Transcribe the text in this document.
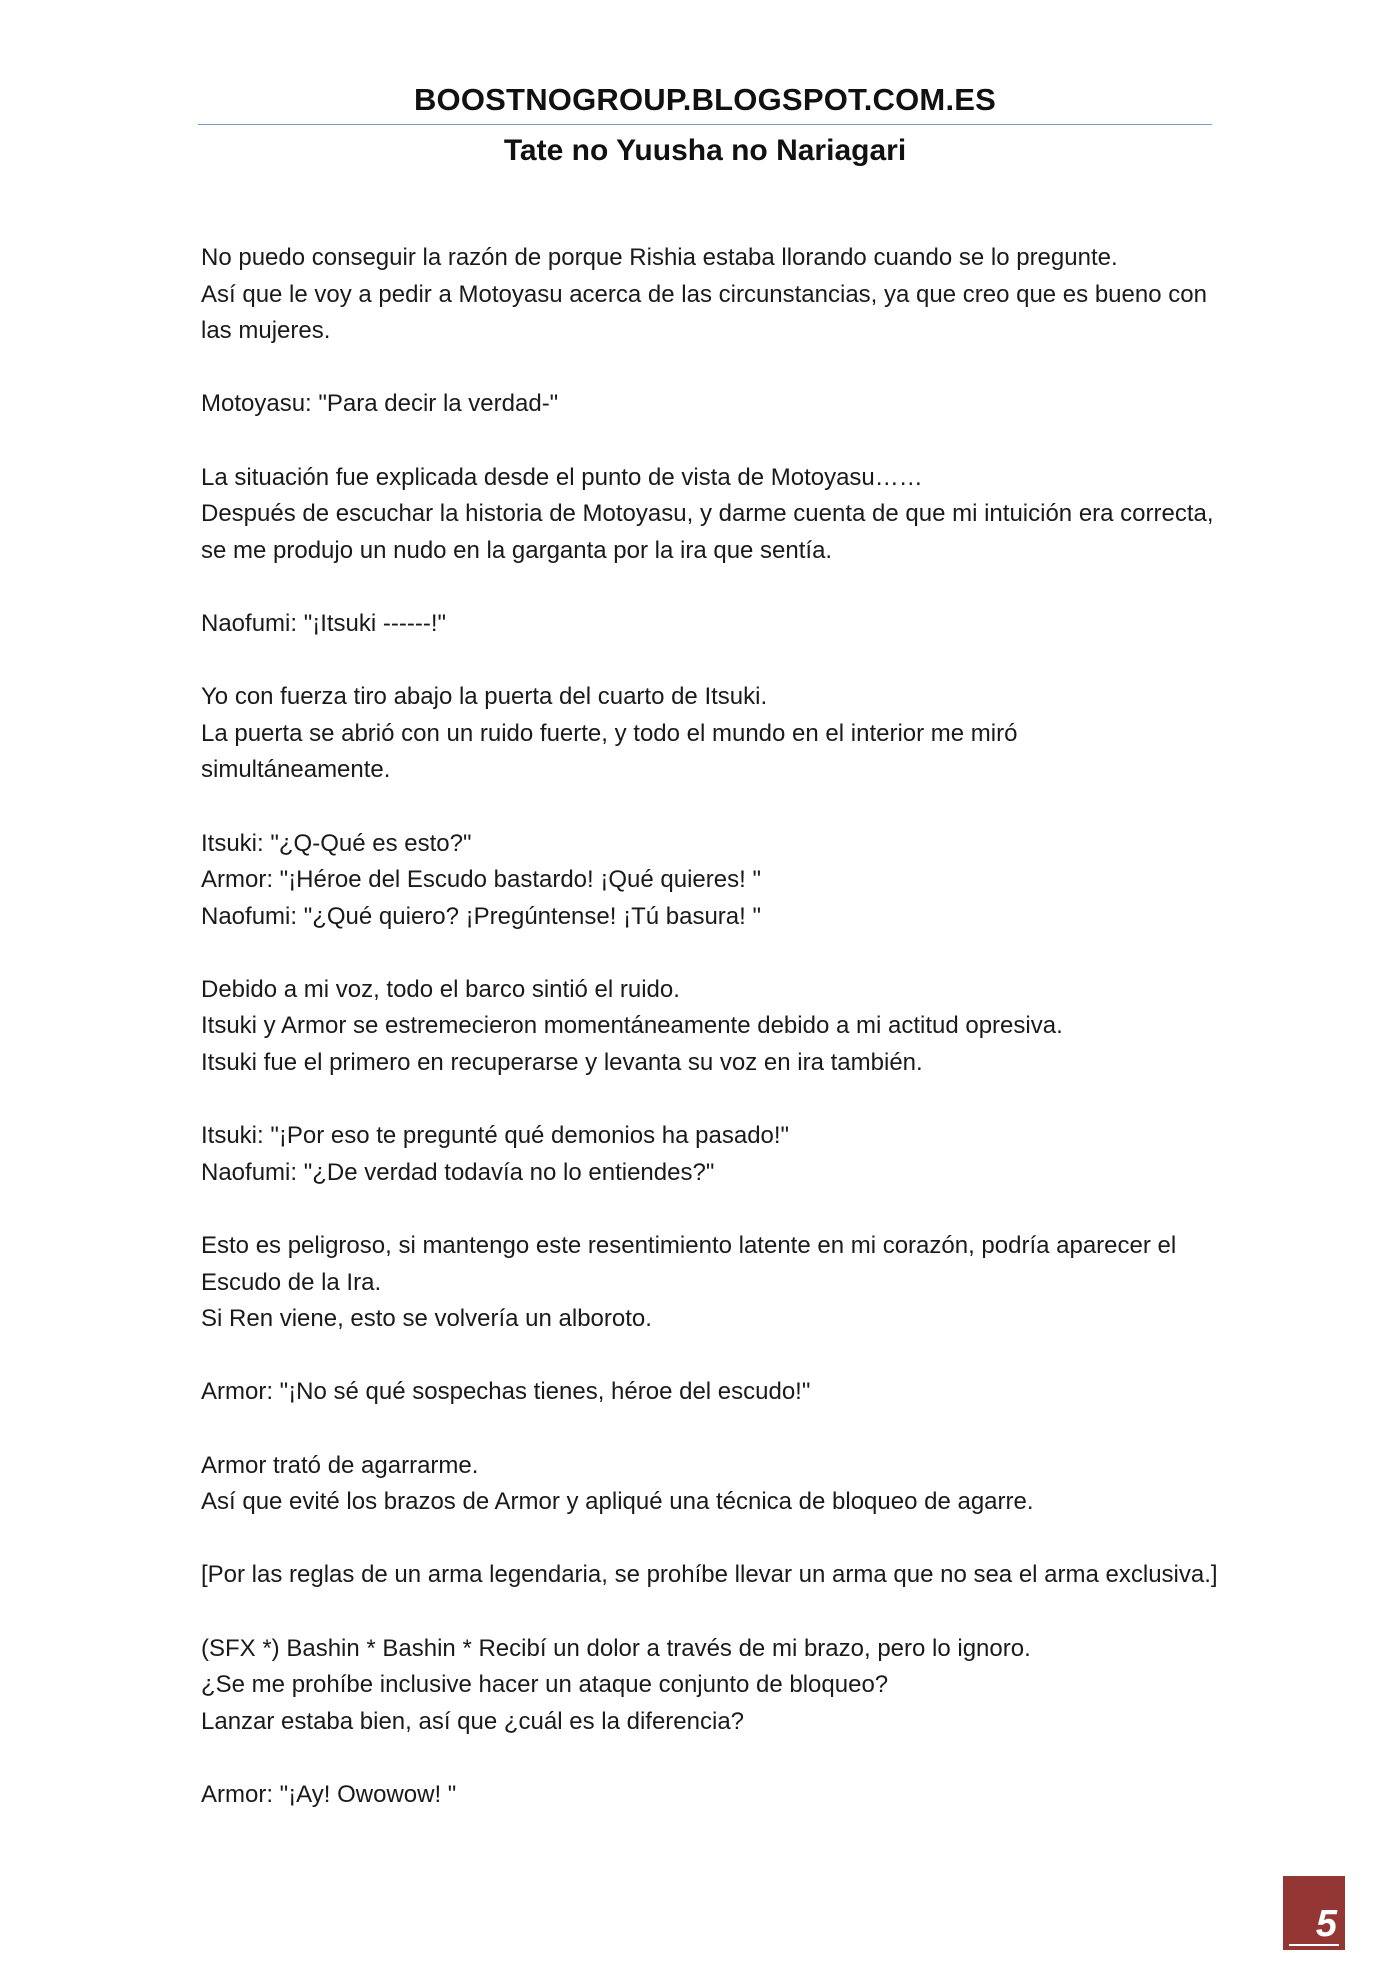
BOOSTNOGROUP.BLOGSPOT.COM.ES
Tate no Yuusha no Nariagari
No puedo conseguir la razón de porque Rishia estaba llorando cuando se lo pregunte.
Así que le voy a pedir a Motoyasu acerca de las circunstancias, ya que creo que es bueno con
las mujeres.
Motoyasu: "Para decir la verdad-"
La situación fue explicada desde el punto de vista de Motoyasu……
Después de escuchar la historia de Motoyasu, y darme cuenta de que mi intuición era correcta,
se me produjo un nudo en la garganta por la ira que sentía.
Naofumi: "¡Itsuki ------!"
Yo con fuerza tiro abajo la puerta del cuarto de Itsuki.
La puerta se abrió con un ruido fuerte, y todo el mundo en el interior me miró
simultáneamente.
Itsuki: "¿Q-Qué es esto?"
Armor: "¡Héroe del Escudo bastardo! ¡Qué quieres! "
Naofumi: "¿Qué quiero? ¡Pregúntense! ¡Tú basura! "
Debido a mi voz, todo el barco sintió el ruido.
Itsuki y Armor se estremecieron momentáneamente debido a mi actitud opresiva.
Itsuki fue el primero en recuperarse y levanta su voz en ira también.
Itsuki: "¡Por eso te pregunté qué demonios ha pasado!"
Naofumi: "¿De verdad todavía no lo entiendes?"
Esto es peligroso, si mantengo este resentimiento latente en mi corazón, podría aparecer el
Escudo de la Ira.
Si Ren viene, esto se volvería un alboroto.
Armor: "¡No sé qué sospechas tienes, héroe del escudo!"
Armor trató de agarrarme.
Así que evité los brazos de Armor y apliqué una técnica de bloqueo de agarre.
[Por las reglas de un arma legendaria, se prohíbe llevar un arma que no sea el arma exclusiva.]
(SFX *) Bashin * Bashin * Recibí un dolor a través de mi brazo, pero lo ignoro.
¿Se me prohíbe inclusive hacer un ataque conjunto de bloqueo?
Lanzar estaba bien, así que ¿cuál es la diferencia?
Armor: "¡Ay! Owowow! "
5
